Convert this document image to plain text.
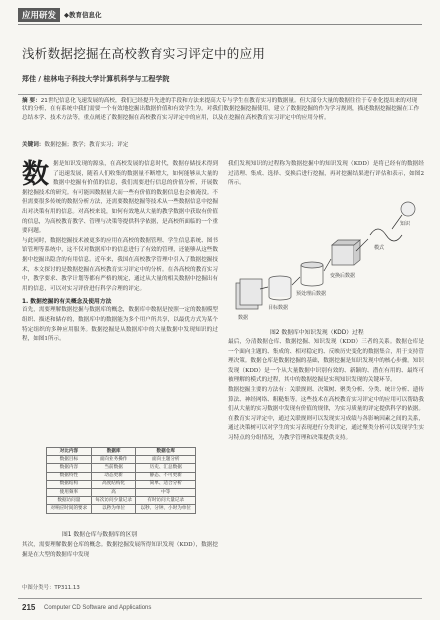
应用研发	◆教育信息化
浅析数据挖掘在高校教育实习评定中的应用
郑佳 / 桂林电子科技大学计算机科学与工程学院
摘 要：21世纪信息化飞速发展的高校，我们已经提升先进的手段和方法来提高大专与学生在教育实习的数据量。但大部分大量的数据往往于专业化提出来的对现状的分析，在有系统中我们需要一个有效地挖掘出数据价值和有效学生为。对我们数据挖掘挖掘使用，建立了数据挖掘的作为学习规则，描述数据挖掘挖掘在工作总结本学、技术方法等，重点阐述了数据挖掘在高校教育实习评定中的应用，以及在挖掘在高校教育实习评定中的应用分析。
关键词：数据挖掘；教学；教育实习；评定
数 据是知识发现的源泉，在高校发展的信息时代，数据存储技术得到了迅速发展，随着人们收集的数据量不断增大，如何能够从大量的数据中挖掘有价值的信息，我们需要进行信息的价值分析，开展数据挖掘技术的研究。有可能因数据量大而一些有价值的数据信息也会被淹没。不但需要很多传统的数据分析方法，还需要数据挖掘等技术从一些数据信息中挖掘出对决策有用的信息。对高校来说，如何有效地从大量的教学数据中获取有价值的信息，为高校教育教学、管理与决策等提供科学依据，是高校所面临的一个重要问题。
与此同时，数据挖掘技术被更多的应用在高校的数据管理、学生信息系统、图书馆管理等系统中，这不仅对数据库中的信息进行了有效的管理，还能够从这些数据中挖掘出隐含的有用信息。近年来，我国在高校教学管理中引入了数据挖掘技术，本文探讨的是数据挖掘在高校教育实习评定中的分析。在各高校的教育实习中，教学要求、教学计划等都有严格的规定，通过从大量的相关数据中挖掘出有用的信息，可以对实习评价进行科学合理的评定。
1. 数据挖掘的有关概念及使用方法
首先，需要理解数据挖掘与数据库的概念，数据库中数据是按照一定的数据模型组织、描述和储存的，数据库中的数据能为多个用户所共享，以最优方式为某个特定组织的多种应用服务。数据挖掘是从数据库中的大量数据中发现知识的过程，如图1所示。
对比内容	数据库	数据仓库
数据目标	面向业务操作	面向主题分析
数据内容	当前数据	历史、汇总数据
数据特性	动态更新	静态、不可更新
数据结构	高度结构化	简单、适合分析
使用频率	高	中等
数据访问量	每次访问少量记录	有时访问大量记录
对响应时间的要求	以秒为单位	以秒、分钟、小时为单位
图1 数据仓库与数据库的区别
其次，需要理解数据仓库的概念。数据挖掘发展所得知识发现（KDD），数据挖掘是在大型的数据库中发现
我们发现知识的过程称为数据挖掘中的知识发现（KDD）是将已经有的数据经过清理、集成、选择、变换后进行挖掘，再对挖掘结果进行评估和表示，如图2所示。
数据
目标数据
预处理后数据
变换后数据
模式
知识
图2 数据库中知识发现（KDD）过程
最后，分清数据仓库、数据挖掘、知识发现（KDD）三者的关系。数据仓库是一个面向主题的、集成的、相对稳定的、反映历史变化的数据集合，用于支持管理决策。数据仓库是数据挖掘的基础，数据挖掘是知识发现中的核心步骤。知识发现（KDD）是一个从大量数据中识别有效的、新颖的、潜在有用的、最终可被理解的模式的过程，其中的数据挖掘是实现知识发现的关键环节。
数据挖掘主要的方法有：关联规则、决策树、聚类分析、分类、统计分析、遗传算法、神经网络、粗糙集等。这些技术在高校教育实习评定中的应用可以帮助我们从大量的实习数据中发现有价值的规律，为实习质量的评定提供科学的依据。在教育实习评定中，通过关联规则可以发现实习成绩与各影响因素之间的关系，通过决策树可以对学生的实习表现进行分类评定，通过聚类分析可以发现学生实习特点的分组情况，为教学管理和决策提供支持。
中图分类号：TP311.13
215 Computer CD Software and Applications
